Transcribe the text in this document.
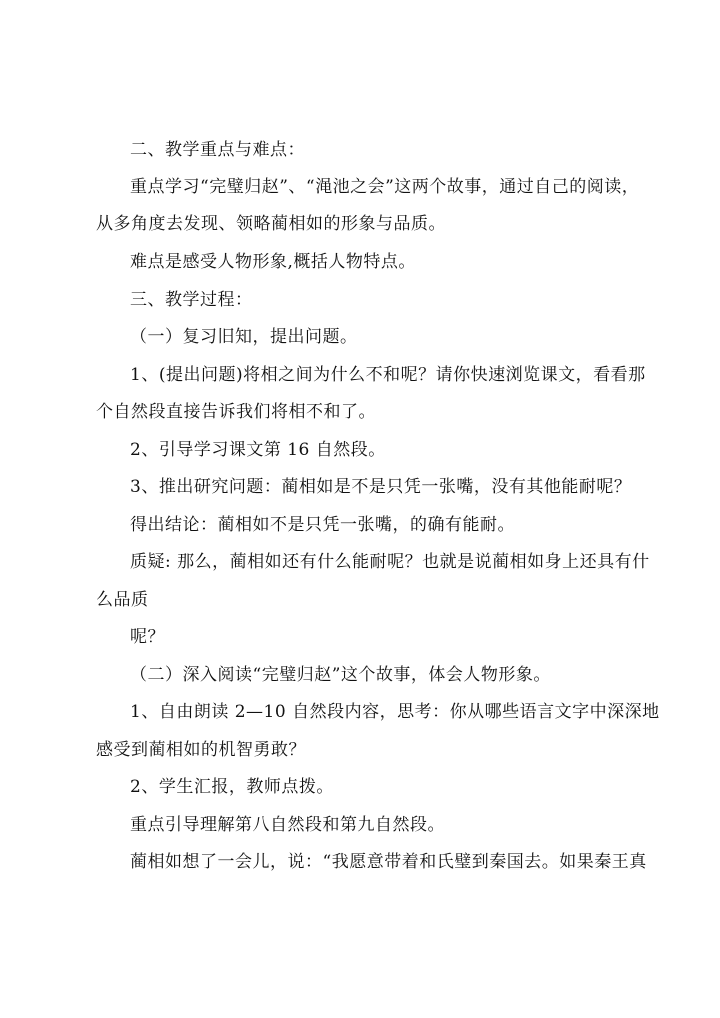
二、教学重点与难点：
重点学习“完璧归赵”、“渑池之会”这两个故事，通过自己的阅读，
从多角度去发现、领略蔺相如的形象与品质。
难点是感受人物形象,概括人物特点。
三、教学过程：
（一）复习旧知，提出问题。
1、(提出问题)将相之间为什么不和呢？请你快速浏览课文，看看那
个自然段直接告诉我们将相不和了。
2、引导学习课文第 16 自然段。
3、推出研究问题：蔺相如是不是只凭一张嘴，没有其他能耐呢？
得出结论：蔺相如不是只凭一张嘴，的确有能耐。
质疑: 那么，蔺相如还有什么能耐呢？也就是说蔺相如身上还具有什
么品质
呢？
（二）深入阅读“完璧归赵”这个故事，体会人物形象。
1、自由朗读 2—10 自然段内容，思考：你从哪些语言文字中深深地
感受到蔺相如的机智勇敢？
2、学生汇报，教师点拨。
重点引导理解第八自然段和第九自然段。
蔺相如想了一会儿，说：“我愿意带着和氏璧到秦国去。如果秦王真
